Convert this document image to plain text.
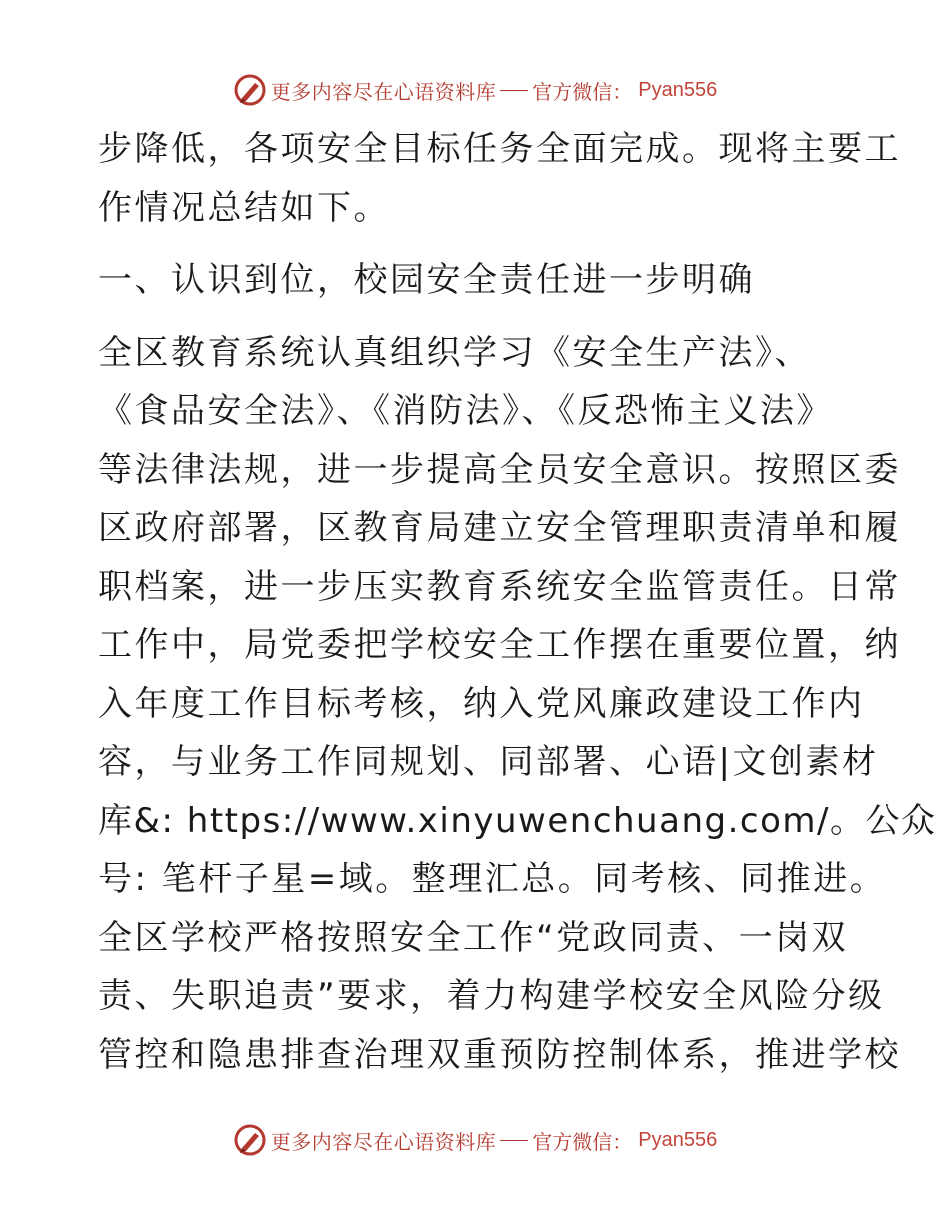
更多内容尽在心语资料库 官方微信： Pyan556

步降低，各项安全目标任务全面完成。现将主要工

作情况总结如下。

一、认识到位，校园安全责任进一步明确

全区教育系统认真组织学习《安全生产法》、

《食品安全法》、《消防法》、《反恐怖主义法》

等法律法规，进一步提高全员安全意识。按照区委

区政府部署，区教育局建立安全管理职责清单和履

职档案，进一步压实教育系统安全监管责任。日常

工作中，局党委把学校安全工作摆在重要位置，纳

入年度工作目标考核，纳入党风廉政建设工作内

容，与业务工作同规划、同部署、心语|文创素材

库&: https://www.xinyuwenchuang.com/。公众

号: 笔杆子星=域。整理汇总。同考核、同推进。

全区学校严格按照安全工作“党政同责、一岗双

责、失职追责”要求，着力构建学校安全风险分级

管控和隐患排查治理双重预防控制体系，推进学校

更多内容尽在心语资料库 官方微信： Pyan556
